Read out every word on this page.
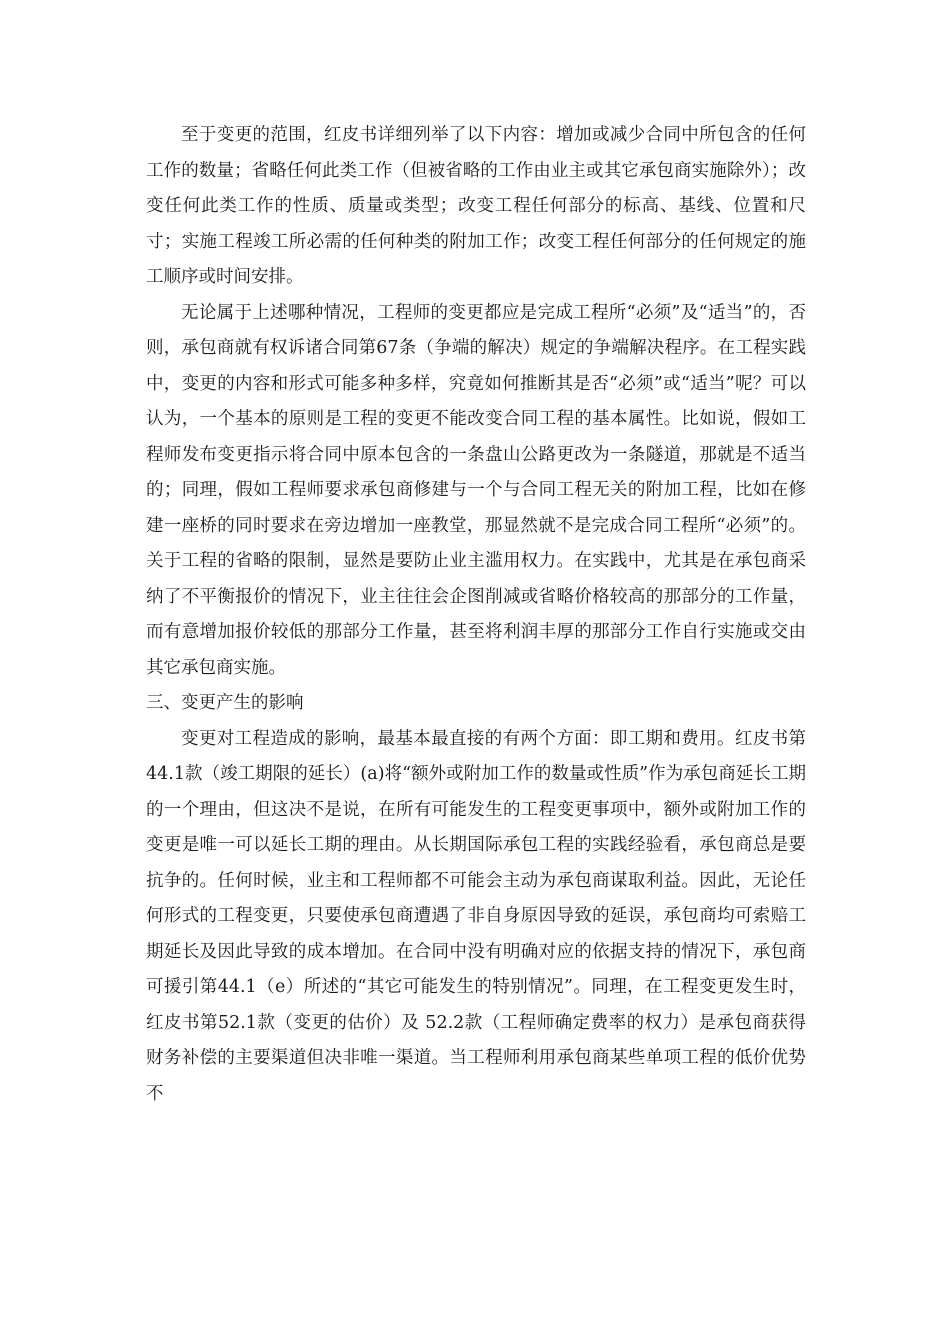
至于变更的范围，红皮书详细列举了以下内容：增加或减少合同中所包含的任何工作的数量；省略任何此类工作（但被省略的工作由业主或其它承包商实施除外）；改变任何此类工作的性质、质量或类型；改变工程任何部分的标高、基线、位置和尺寸；实施工程竣工所必需的任何种类的附加工作；改变工程任何部分的任何规定的施工顺序或时间安排。

无论属于上述哪种情况，工程师的变更都应是完成工程所“必须”及“适当”的，否则，承包商就有权诉诸合同第67条（争端的解决）规定的争端解决程序。在工程实践中，变更的内容和形式可能多种多样，究竟如何推断其是否“必须”或“适当”呢？可以认为，一个基本的原则是工程的变更不能改变合同工程的基本属性。比如说，假如工程师发布变更指示将合同中原本包含的一条盘山公路更改为一条隧道，那就是不适当的；同理，假如工程师要求承包商修建与一个与合同工程无关的附加工程，比如在修建一座桥的同时要求在旁边增加一座教堂，那显然就不是完成合同工程所“必须”的。关于工程的省略的限制，显然是要防止业主滥用权力。在实践中，尤其是在承包商采纳了不平衡报价的情况下，业主往往会企图削减或省略价格较高的那部分的工作量，而有意增加报价较低的那部分工作量，甚至将利润丰厚的那部分工作自行实施或交由其它承包商实施。

三、变更产生的影响

变更对工程造成的影响，最基本最直接的有两个方面：即工期和费用。红皮书第44.1款（竣工期限的延长）(a)将“额外或附加工作的数量或性质”作为承包商延长工期的一个理由，但这决不是说，在所有可能发生的工程变更事项中，额外或附加工作的变更是唯一可以延长工期的理由。从长期国际承包工程的实践经验看，承包商总是要抗争的。任何时候，业主和工程师都不可能会主动为承包商谋取利益。因此，无论任何形式的工程变更，只要使承包商遭遇了非自身原因导致的延误，承包商均可索赔工期延长及因此导致的成本增加。在合同中没有明确对应的依据支持的情况下，承包商可援引第44.1（e）所述的“其它可能发生的特别情况”。同理，在工程变更发生时，红皮书第52.1款（变更的估价）及 52.2款（工程师确定费率的权力）是承包商获得财务补偿的主要渠道但决非唯一渠道。当工程师利用承包商某些单项工程的低价优势不
